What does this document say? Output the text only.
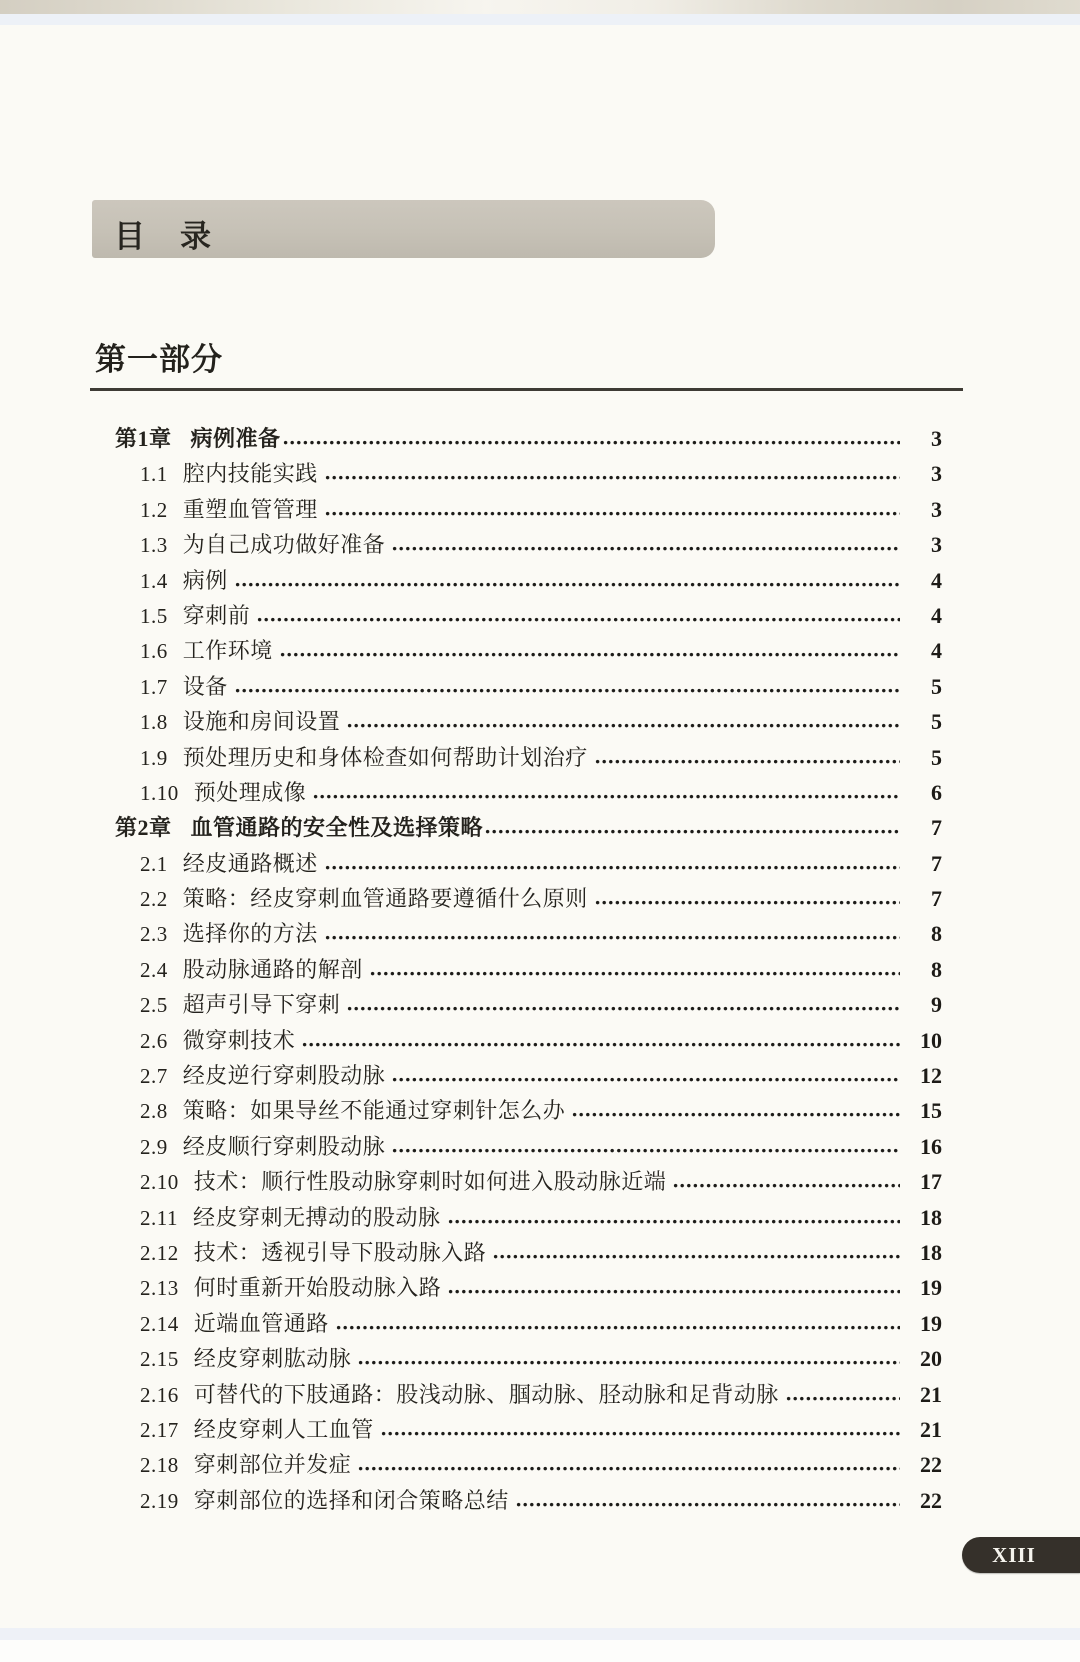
目　录
第一部分
第1章 病例准备	3
1.1 腔内技能实践	3
1.2 重塑血管管理	3
1.3 为自己成功做好准备	3
1.4 病例	4
1.5 穿刺前	4
1.6 工作环境	4
1.7 设备	5
1.8 设施和房间设置	5
1.9 预处理历史和身体检查如何帮助计划治疗	5
1.10 预处理成像	6
第2章 血管通路的安全性及选择策略	7
2.1 经皮通路概述	7
2.2 策略：经皮穿刺血管通路要遵循什么原则	7
2.3 选择你的方法	8
2.4 股动脉通路的解剖	8
2.5 超声引导下穿刺	9
2.6 微穿刺技术	10
2.7 经皮逆行穿刺股动脉	12
2.8 策略：如果导丝不能通过穿刺针怎么办	15
2.9 经皮顺行穿刺股动脉	16
2.10 技术：顺行性股动脉穿刺时如何进入股动脉近端	17
2.11 经皮穿刺无搏动的股动脉	18
2.12 技术：透视引导下股动脉入路	18
2.13 何时重新开始股动脉入路	19
2.14 近端血管通路	19
2.15 经皮穿刺肱动脉	20
2.16 可替代的下肢通路：股浅动脉、腘动脉、胫动脉和足背动脉	21
2.17 经皮穿刺人工血管	21
2.18 穿刺部位并发症	22
2.19 穿刺部位的选择和闭合策略总结	22
XIII
